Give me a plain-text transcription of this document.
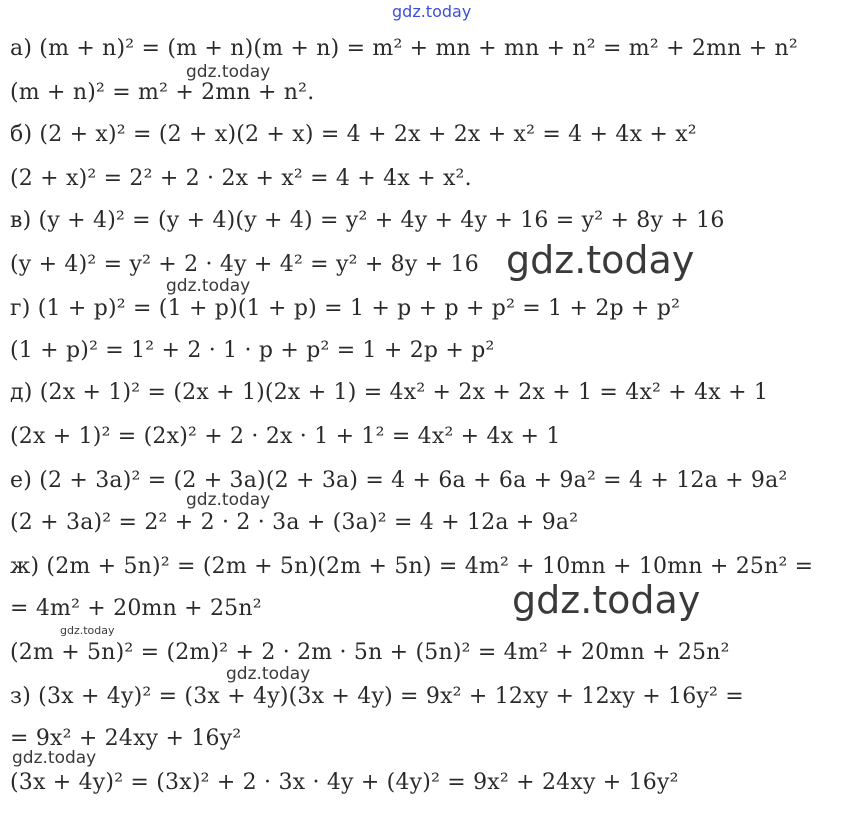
gdz.today
а) (m + n)² = (m + n)(m + n) = m² + mn + mn + n² = m² + 2mn + n²
gdz.today
(m + n)² = m² + 2mn + n².
б) (2 + x)² = (2 + x)(2 + x) = 4 + 2x + 2x + x² = 4 + 4x + x²
(2 + x)² = 2² + 2 · 2x + x² = 4 + 4x + x².
в) (y + 4)² = (y + 4)(y + 4) = y² + 4y + 4y + 16 = y² + 8y + 16
(y + 4)² = y² + 2 · 4y + 4² = y² + 8y + 16 gdz.today
gdz.today
г) (1 + p)² = (1 + p)(1 + p) = 1 + p + p + p² = 1 + 2p + p²
(1 + p)² = 1² + 2 · 1 · p + p² = 1 + 2p + p²
д) (2x + 1)² = (2x + 1)(2x + 1) = 4x² + 2x + 2x + 1 = 4x² + 4x + 1
(2x + 1)² = (2x)² + 2 · 2x · 1 + 1² = 4x² + 4x + 1
е) (2 + 3a)² = (2 + 3a)(2 + 3a) = 4 + 6a + 6a + 9a² = 4 + 12a + 9a²
gdz.today
(2 + 3a)² = 2² + 2 · 2 · 3a + (3a)² = 4 + 12a + 9a²
ж) (2m + 5n)² = (2m + 5n)(2m + 5n) = 4m² + 10mn + 10mn + 25n² =
gdz.today
= 4m² + 20mn + 25n²
gdz.today
(2m + 5n)² = (2m)² + 2 · 2m · 5n + (5n)² = 4m² + 20mn + 25n²
gdz.today
з) (3x + 4y)² = (3x + 4y)(3x + 4y) = 9x² + 12xy + 12xy + 16y² =
= 9x² + 24xy + 16y²
gdz.today
(3x + 4y)² = (3x)² + 2 · 3x · 4y + (4y)² = 9x² + 24xy + 16y²
